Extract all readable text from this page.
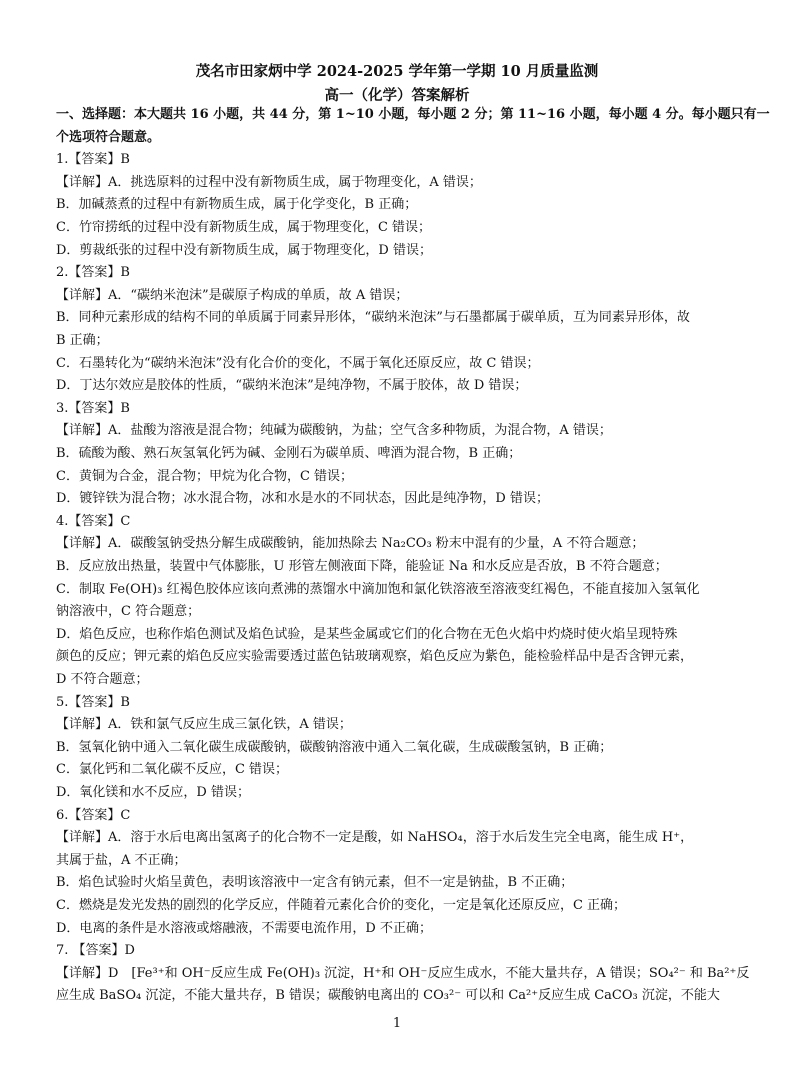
茂名市田家炳中学 2024-2025 学年第一学期 10 月质量监测
高一（化学）答案解析
一、选择题：本大题共 16 小题，共 44 分，第 1~10 小题，每小题 2 分；第 11~16 小题，每小题 4 分。每小题只有一
个选项符合题意。
1.【答案】B
【详解】A．挑选原料的过程中没有新物质生成，属于物理变化，A 错误；
B．加碱蒸煮的过程中有新物质生成，属于化学变化，B 正确；
C．竹帘捞纸的过程中没有新物质生成，属于物理变化，C 错误；
D．剪裁纸张的过程中没有新物质生成，属于物理变化，D 错误；
2.【答案】B
【详解】A．“碳纳米泡沫”是碳原子构成的单质，故 A 错误；
B．同种元素形成的结构不同的单质属于同素异形体，“碳纳米泡沫”与石墨都属于碳单质，互为同素异形体，故
B 正确；
C．石墨转化为“碳纳米泡沫”没有化合价的变化，不属于氧化还原反应，故 C 错误；
D．丁达尔效应是胶体的性质，“碳纳米泡沫”是纯净物，不属于胶体，故 D 错误；
3.【答案】B
【详解】A．盐酸为溶液是混合物；纯碱为碳酸钠，为盐；空气含多种物质，为混合物，A 错误；
B．硫酸为酸、熟石灰氢氧化钙为碱、金刚石为碳单质、啤酒为混合物，B 正确；
C．黄铜为合金，混合物；甲烷为化合物，C 错误；
D．镀锌铁为混合物；冰水混合物，冰和水是水的不同状态，因此是纯净物，D 错误；
4.【答案】C
【详解】A．碳酸氢钠受热分解生成碳酸钠，能加热除去 Na₂CO₃ 粉末中混有的少量，A 不符合题意；
B．反应放出热量，装置中气体膨胀，U 形管左侧液面下降，能验证 Na 和水反应是否放，B 不符合题意；
C．制取 Fe(OH)₃ 红褐色胶体应该向煮沸的蒸馏水中滴加饱和氯化铁溶液至溶液变红褐色，不能直接加入氢氧化
钠溶液中，C 符合题意；
D．焰色反应，也称作焰色测试及焰色试验，是某些金属或它们的化合物在无色火焰中灼烧时使火焰呈现特殊
颜色的反应；钾元素的焰色反应实验需要透过蓝色钴玻璃观察，焰色反应为紫色，能检验样品中是否含钾元素，
D 不符合题意；
5.【答案】B
【详解】A．铁和氯气反应生成三氯化铁，A 错误；
B．氢氧化钠中通入二氧化碳生成碳酸钠，碳酸钠溶液中通入二氧化碳，生成碳酸氢钠，B 正确；
C．氯化钙和二氧化碳不反应，C 错误；
D．氧化镁和水不反应，D 错误；
6.【答案】C
【详解】A．溶于水后电离出氢离子的化合物不一定是酸，如 NaHSO₄，溶于水后发生完全电离，能生成 H⁺，
其属于盐，A 不正确；
B．焰色试验时火焰呈黄色，表明该溶液中一定含有钠元素，但不一定是钠盐，B 不正确；
C．燃烧是发光发热的剧烈的化学反应，伴随着元素化合价的变化，一定是氧化还原反应，C 正确；
D．电离的条件是水溶液或熔融液，不需要电流作用，D 不正确；
7. 【答案】D
【详解】D　[Fe³⁺和 OH⁻反应生成 Fe(OH)₃ 沉淀，H⁺和 OH⁻反应生成水，不能大量共存，A 错误；SO₄²⁻ 和 Ba²⁺反
应生成 BaSO₄ 沉淀，不能大量共存，B 错误；碳酸钠电离出的 CO₃²⁻ 可以和 Ca²⁺反应生成 CaCO₃ 沉淀，不能大
1
